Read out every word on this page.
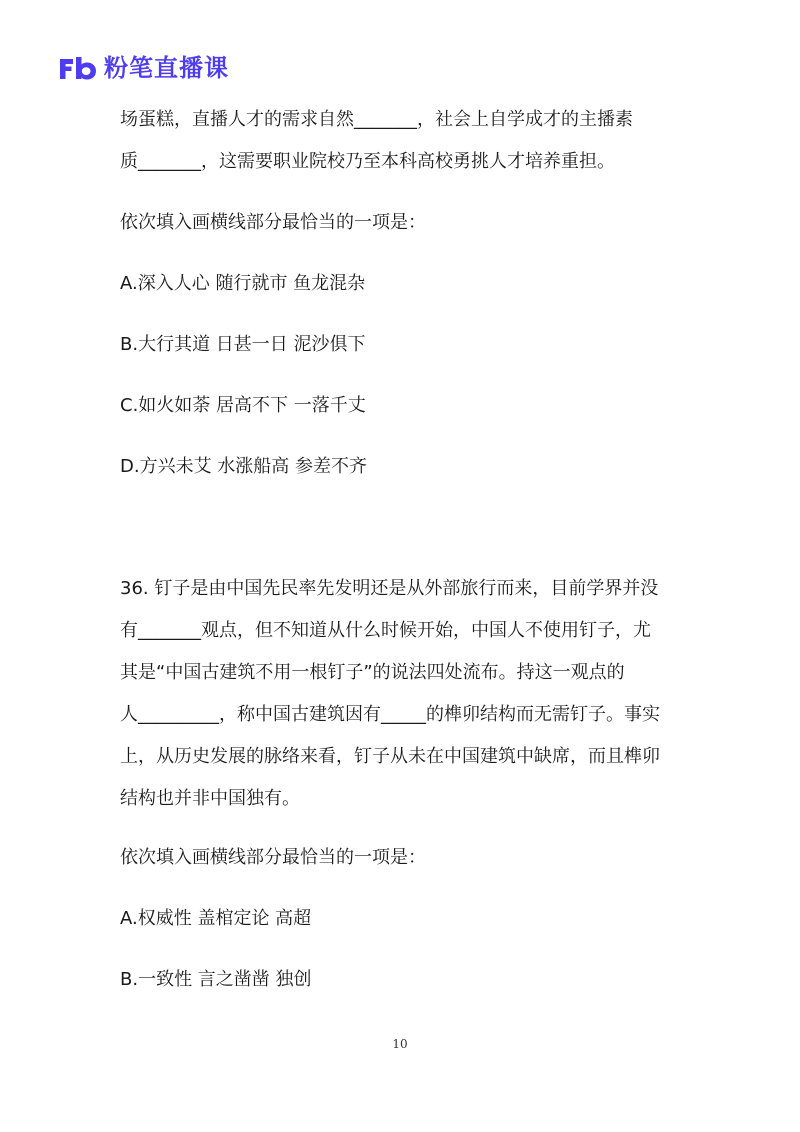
粉笔直播课

场蛋糕，直播人才的需求自然_______，社会上自学成才的主播素

质_______，这需要职业院校乃至本科高校勇挑人才培养重担。

依次填入画横线部分最恰当的一项是：

A.深入人心 随行就市 鱼龙混杂

B.大行其道 日甚一日 泥沙俱下

C.如火如荼 居高不下 一落千丈

D.方兴未艾 水涨船高 参差不齐

36. 钉子是由中国先民率先发明还是从外部旅行而来，目前学界并没

有_______观点，但不知道从什么时候开始，中国人不使用钉子，尤

其是“中国古建筑不用一根钉子”的说法四处流布。持这一观点的

人_________，称中国古建筑因有_____的榫卯结构而无需钉子。事实

上，从历史发展的脉络来看，钉子从未在中国建筑中缺席，而且榫卯

结构也并非中国独有。

依次填入画横线部分最恰当的一项是：

A.权威性 盖棺定论 高超

B.一致性 言之凿凿 独创

10
